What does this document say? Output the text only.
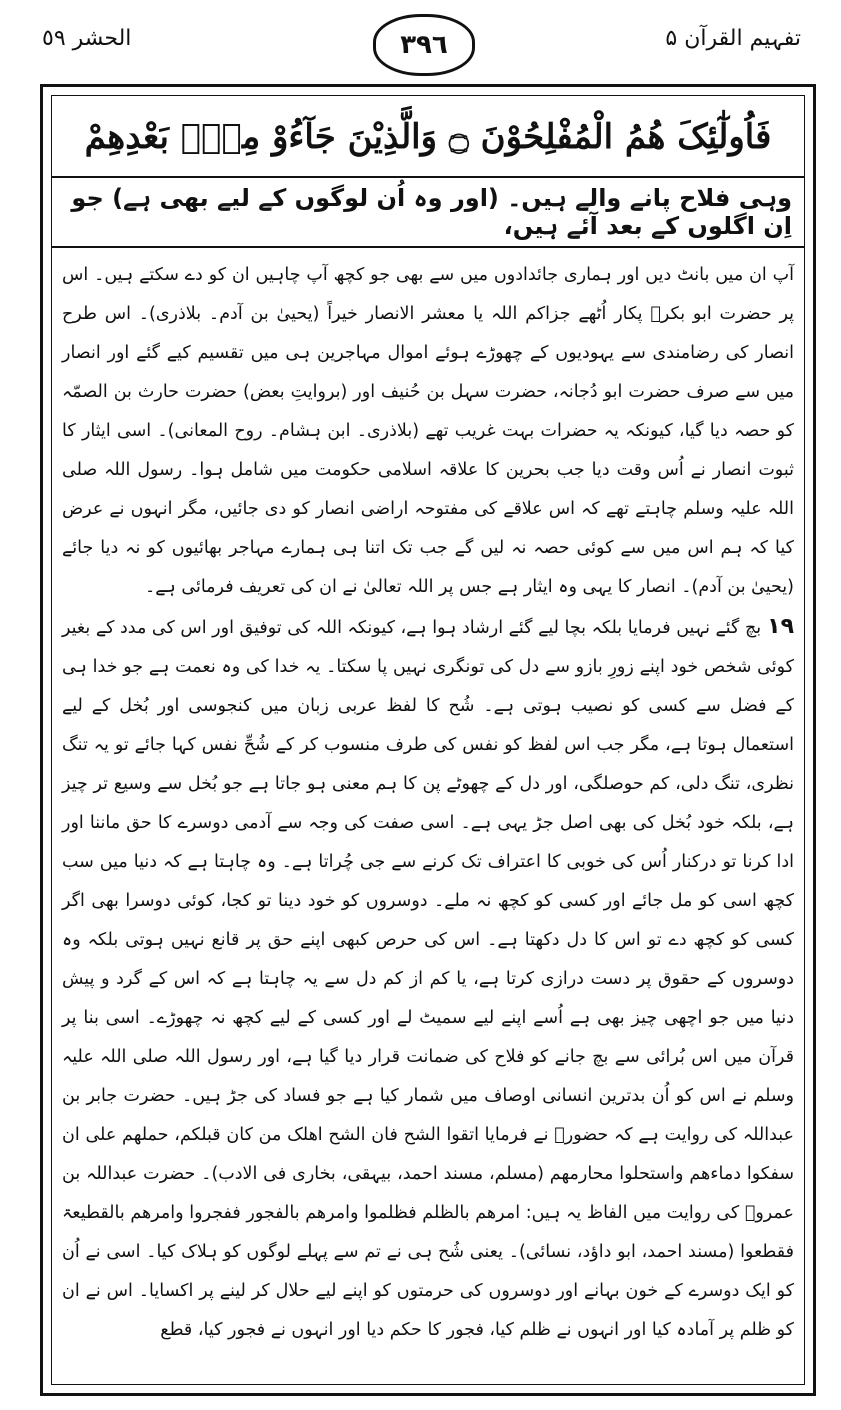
الحشر ٥٩	٣٩٦	تفہیم القرآن ۵
فَاُولٰٓئِکَ هُمُ الْمُفْلِحُوْنَ ۝ وَالَّذِیْنَ جَآءُوْ مِنْۢ بَعْدِهِمْ
وہی فلاح پانے والے ہیں۔ (اور وہ اُن لوگوں کے لیے بھی ہے) جو اِن اگلوں کے بعد آئے ہیں،

آپ ان میں بانٹ دیں اور ہماری جائدادوں میں سے بھی جو کچھ آپ چاہیں ان کو دے سکتے ہیں۔ اس پر حضرت ابو بکرؓ پکار اُٹھے جزاکم اللہ یا معشر الانصار خیراً (یحییٰ بن آدم۔ بلاذری)۔ اس طرح انصار کی رضامندی سے یہودیوں کے چھوڑے ہوئے اموال مہاجرین ہی میں تقسیم کیے گئے اور انصار میں سے صرف حضرت ابو دُجانہ، حضرت سہل بن حُنیف اور (بروایتِ بعض) حضرت حارث بن الصمّہ کو حصہ دیا گیا، کیونکہ یہ حضرات بہت غریب تھے (بلاذری۔ ابن ہشام۔ روح المعانی)۔ اسی ایثار کا ثبوت انصار نے اُس وقت دیا جب بحرین کا علاقہ اسلامی حکومت میں شامل ہوا۔ رسول اللہ صلی اللہ علیہ وسلم چاہتے تھے کہ اس علاقے کی مفتوحہ اراضی انصار کو دی جائیں، مگر انہوں نے عرض کیا کہ ہم اس میں سے کوئی حصہ نہ لیں گے جب تک اتنا ہی ہمارے مہاجر بھائیوں کو نہ دیا جائے (یحییٰ بن آدم)۔ انصار کا یہی وہ ایثار ہے جس پر اللہ تعالیٰ نے ان کی تعریف فرمائی ہے۔

۱۹بچ گئے نہیں فرمایا بلکہ بچا لیے گئے ارشاد ہوا ہے، کیونکہ اللہ کی توفیق اور اس کی مدد کے بغیر کوئی شخص خود اپنے زورِ بازو سے دل کی تونگری نہیں پا سکتا۔ یہ خدا کی وہ نعمت ہے جو خدا ہی کے فضل سے کسی کو نصیب ہوتی ہے۔ شُح کا لفظ عربی زبان میں کنجوسی اور بُخل کے لیے استعمال ہوتا ہے، مگر جب اس لفظ کو نفس کی طرف منسوب کر کے شُحِّ نفس کہا جائے تو یہ تنگ نظری، تنگ دلی، کم حوصلگی، اور دل کے چھوٹے پن کا ہم معنی ہو جاتا ہے جو بُخل سے وسیع تر چیز ہے، بلکہ خود بُخل کی بھی اصل جڑ یہی ہے۔ اسی صفت کی وجہ سے آدمی دوسرے کا حق ماننا اور ادا کرنا تو درکنار اُس کی خوبی کا اعتراف تک کرنے سے جی چُراتا ہے۔ وہ چاہتا ہے کہ دنیا میں سب کچھ اسی کو مل جائے اور کسی کو کچھ نہ ملے۔ دوسروں کو خود دینا تو کجا، کوئی دوسرا بھی اگر کسی کو کچھ دے تو اس کا دل دکھتا ہے۔ اس کی حرص کبھی اپنے حق پر قانع نہیں ہوتی بلکہ وہ دوسروں کے حقوق پر دست درازی کرتا ہے، یا کم از کم دل سے یہ چاہتا ہے کہ اس کے گرد و پیش دنیا میں جو اچھی چیز بھی ہے اُسے اپنے لیے سمیٹ لے اور کسی کے لیے کچھ نہ چھوڑے۔ اسی بنا پر قرآن میں اس بُرائی سے بچ جانے کو فلاح کی ضمانت قرار دیا گیا ہے، اور رسول اللہ صلی اللہ علیہ وسلم نے اس کو اُن بدترین انسانی اوصاف میں شمار کیا ہے جو فساد کی جڑ ہیں۔ حضرت جابر بن عبداللہ کی روایت ہے کہ حضورؐ نے فرمایا اتقوا الشح فان الشح اھلک من کان قبلکم، حملھم علی ان سفکوا دماءھم واستحلوا محارمھم (مسلم، مسند احمد، بیہقی، بخاری فی الادب)۔ حضرت عبداللہ بن عمروؓ کی روایت میں الفاظ یہ ہیں: امرھم بالظلم فظلموا وامرھم بالفجور ففجروا وامرھم بالقطیعۃ فقطعوا (مسند احمد، ابو داؤد، نسائی)۔ یعنی شُح ہی نے تم سے پہلے لوگوں کو ہلاک کیا۔ اسی نے اُن کو ایک دوسرے کے خون بہانے اور دوسروں کی حرمتوں کو اپنے لیے حلال کر لینے پر اکسایا۔ اس نے ان کو ظلم پر آمادہ کیا اور انہوں نے ظلم کیا، فجور کا حکم دیا اور انہوں نے فجور کیا، قطع
